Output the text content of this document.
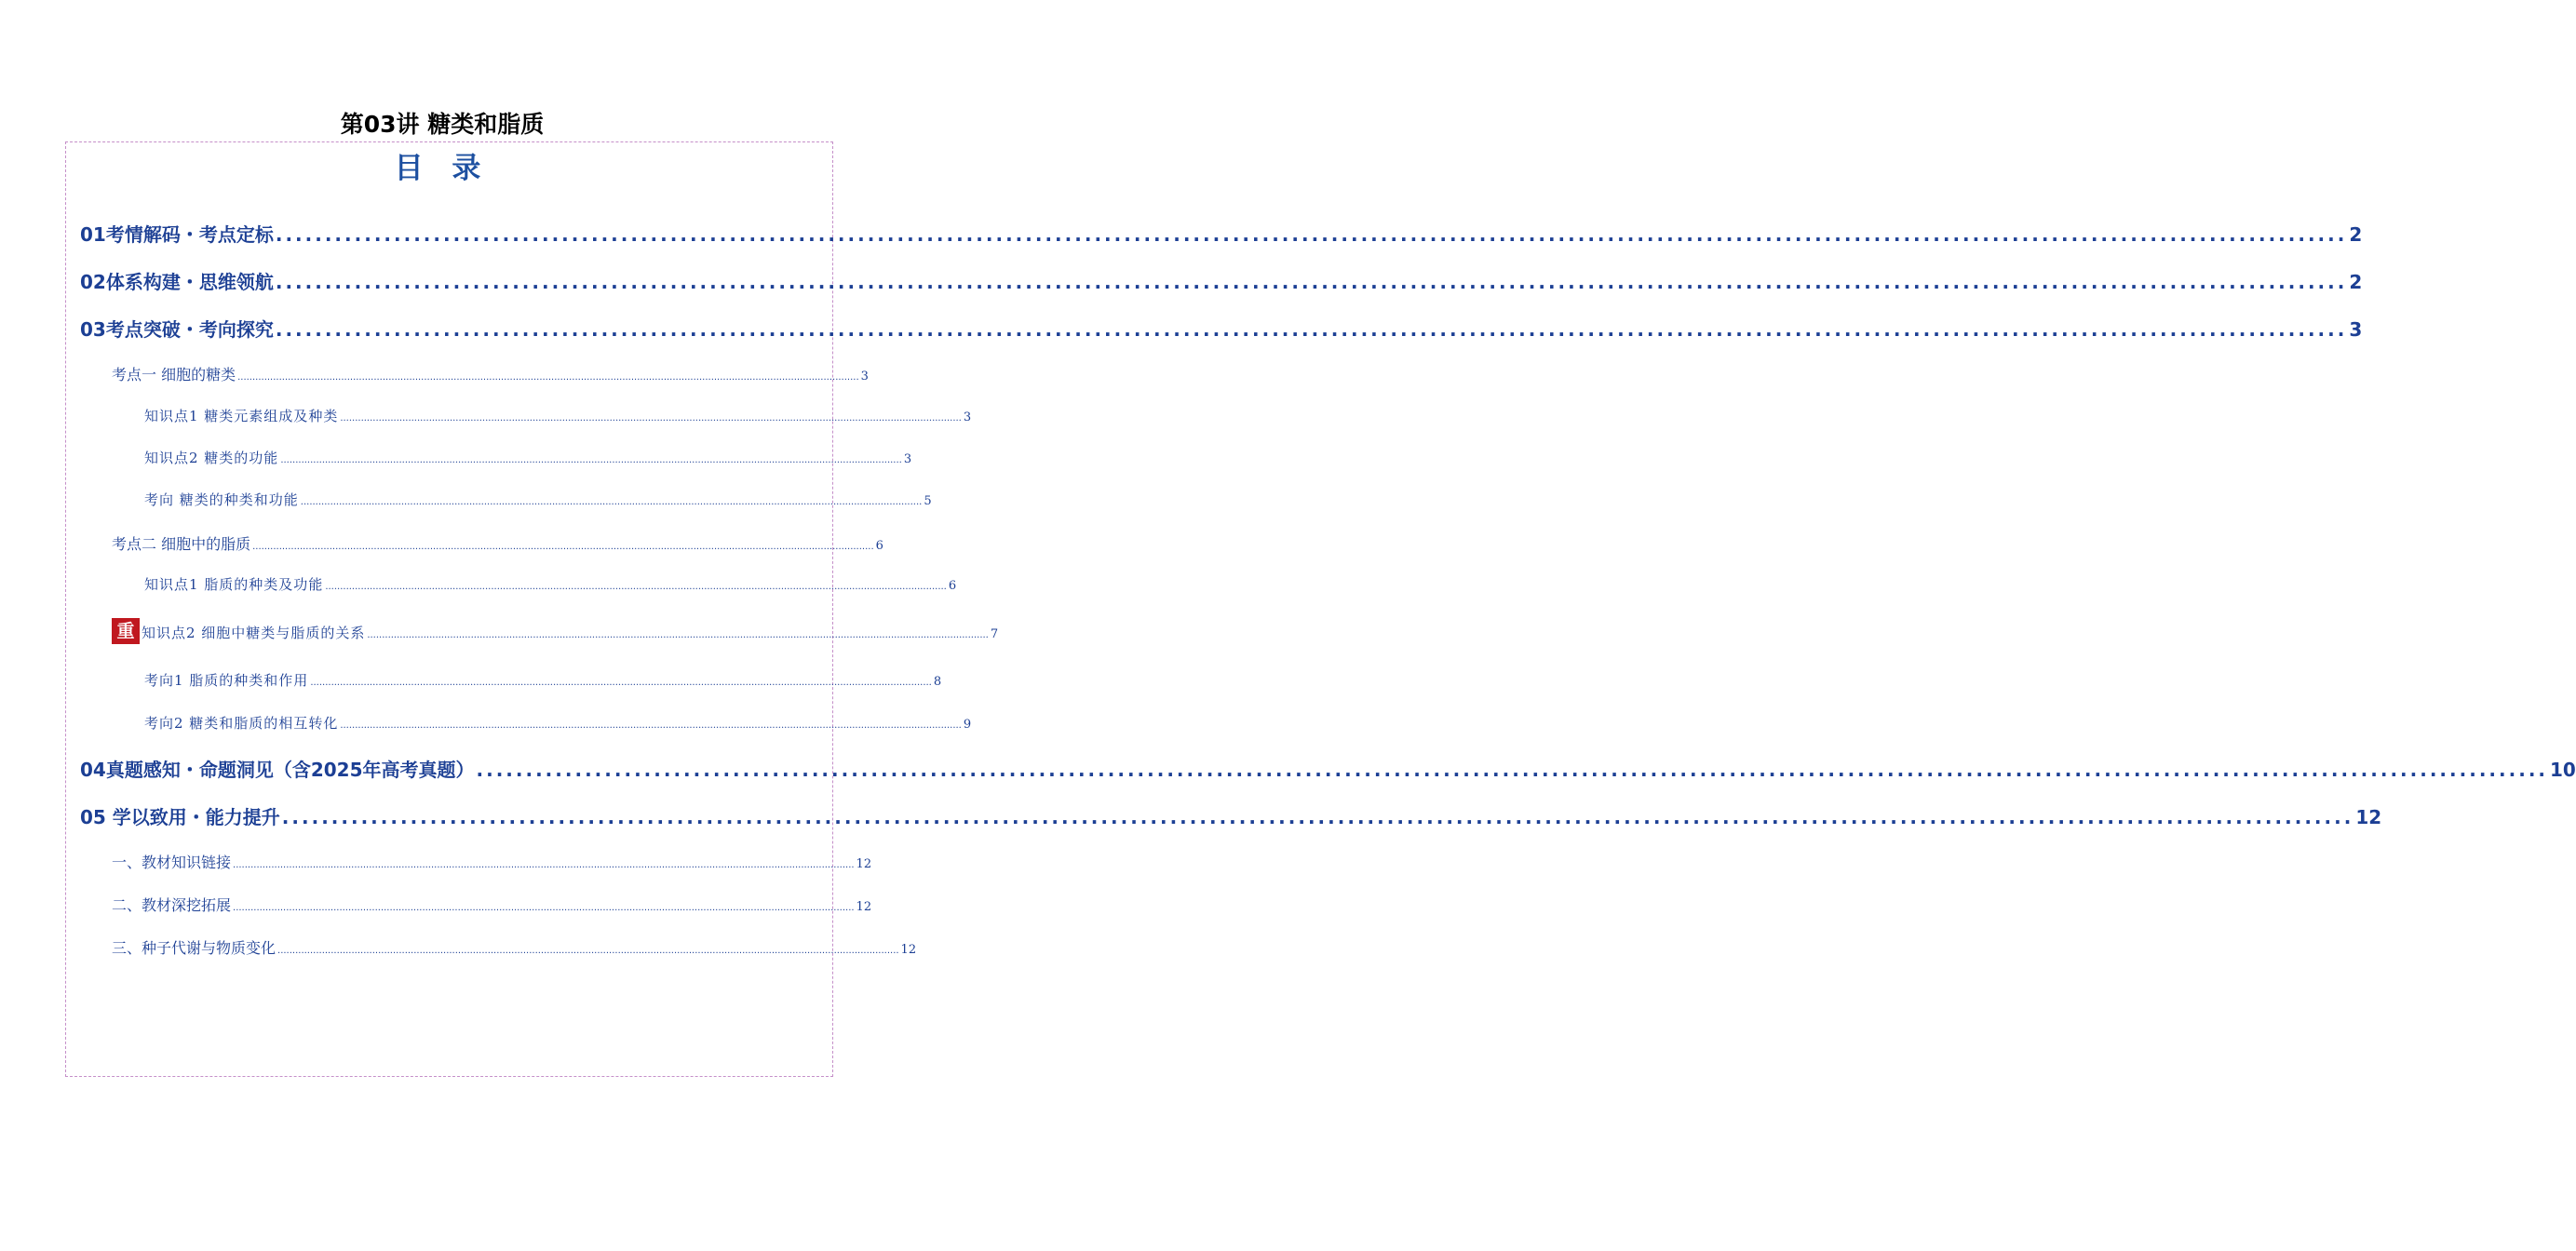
第03讲 糖类和脂质
目 录
01考情解码・考点定标 .................................................................................................................................................................................................................. 2
02体系构建・思维领航 .................................................................................................................................................................................................................. 2
03考点突破・考向探究 .................................................................................................................................................................................................................. 3
考点一 细胞的糖类 .................................................................................................................................................................................................................. 3
知识点1 糖类元素组成及种类 .................................................................................................................................................................................................................. 3
知识点2 糖类的功能 .................................................................................................................................................................................................................. 3
考向 糖类的种类和功能 .................................................................................................................................................................................................................. 5
考点二 细胞中的脂质 .................................................................................................................................................................................................................. 6
知识点1 脂质的种类及功能 .................................................................................................................................................................................................................. 6
重 知识点2 细胞中糖类与脂质的关系 .................................................................................................................................................................................................................. 7
考向1 脂质的种类和作用 .................................................................................................................................................................................................................. 8
考向2 糖类和脂质的相互转化 .................................................................................................................................................................................................................. 9
04真题感知・命题洞见（含2025年高考真题） .................................................................................................................................................................................................................. 10
05 学以致用・能力提升 .................................................................................................................................................................................................................. 12
一、教材知识链接 .................................................................................................................................................................................................................. 12
二、教材深挖拓展 .................................................................................................................................................................................................................. 12
三、种子代谢与物质变化 .................................................................................................................................................................................................................. 12
